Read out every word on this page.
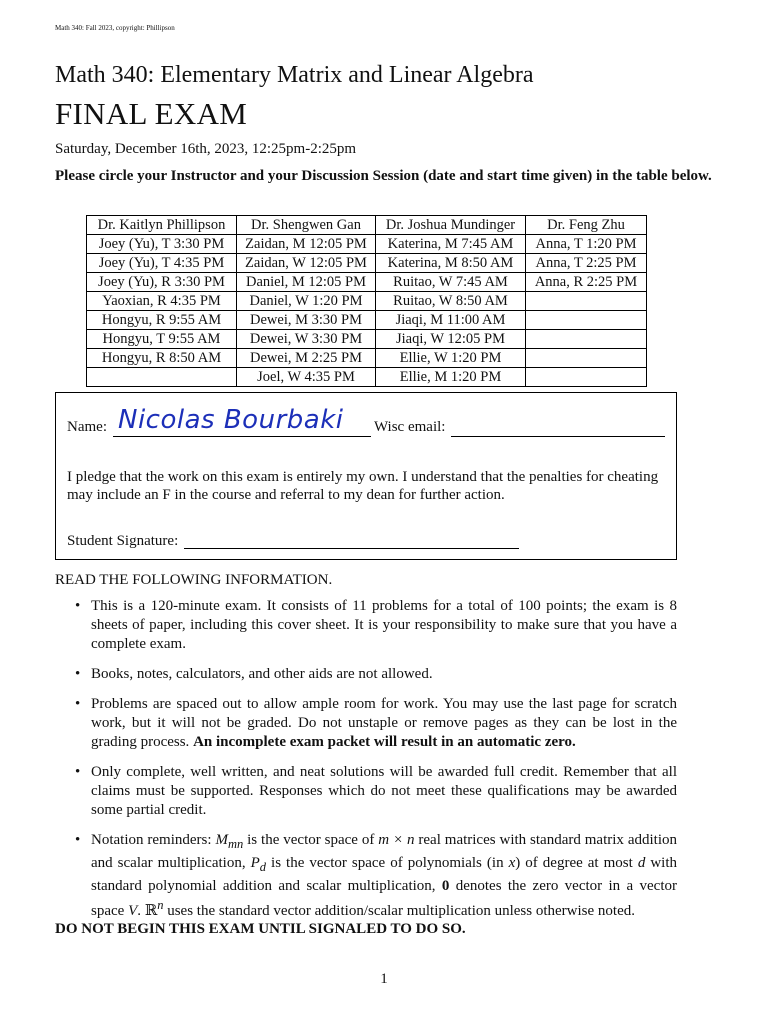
Math 340: Fall 2023, copyright: Phillipson
Math 340: Elementary Matrix and Linear Algebra
FINAL EXAM
Saturday, December 16th, 2023, 12:25pm-2:25pm
Please circle your Instructor and your Discussion Session (date and start time given) in the table below.
Dr. Kaitlyn Phillipson	Dr. Shengwen Gan	Dr. Joshua Mundinger	Dr. Feng Zhu
Joey (Yu), T 3:30 PM	Zaidan, M 12:05 PM	Katerina, M 7:45 AM	Anna, T 1:20 PM
Joey (Yu), T 4:35 PM	Zaidan, W 12:05 PM	Katerina, M 8:50 AM	Anna, T 2:25 PM
Joey (Yu), R 3:30 PM	Daniel, M 12:05 PM	Ruitao, W 7:45 AM	Anna, R 2:25 PM
Yaoxian, R 4:35 PM	Daniel, W 1:20 PM	Ruitao, W 8:50 AM	
Hongyu, R 9:55 AM	Dewei, M 3:30 PM	Jiaqi, M 11:00 AM	
Hongyu, T 9:55 AM	Dewei, W 3:30 PM	Jiaqi, W 12:05 PM	
Hongyu, R 8:50 AM	Dewei, M 2:25 PM	Ellie, W 1:20 PM	
	Joel, W 4:35 PM	Ellie, M 1:20 PM	
Name: Nicolas Bourbaki Wisc email:
I pledge that the work on this exam is entirely my own. I understand that the penalties for cheating may include an F in the course and referral to my dean for further action.
Student Signature:
READ THE FOLLOWING INFORMATION.
• This is a 120-minute exam. It consists of 11 problems for a total of 100 points; the exam is 8 sheets of paper, including this cover sheet. It is your responsibility to make sure that you have a complete exam.
• Books, notes, calculators, and other aids are not allowed.
• Problems are spaced out to allow ample room for work. You may use the last page for scratch work, but it will not be graded. Do not unstaple or remove pages as they can be lost in the grading process. An incomplete exam packet will result in an automatic zero.
• Only complete, well written, and neat solutions will be awarded full credit. Remember that all claims must be supported. Responses which do not meet these qualifications may be awarded some partial credit.
• Notation reminders: $M_{mn}$ is the vector space of m × n real matrices with standard matrix addition and scalar multiplication, $P_d$ is the vector space of polynomials (in x) of degree at most d with standard polynomial addition and scalar multiplication, 0 denotes the zero vector in a vector space V. ℝ$^n$ uses the standard vector addition/scalar multiplication unless otherwise noted.
DO NOT BEGIN THIS EXAM UNTIL SIGNALED TO DO SO.
1
